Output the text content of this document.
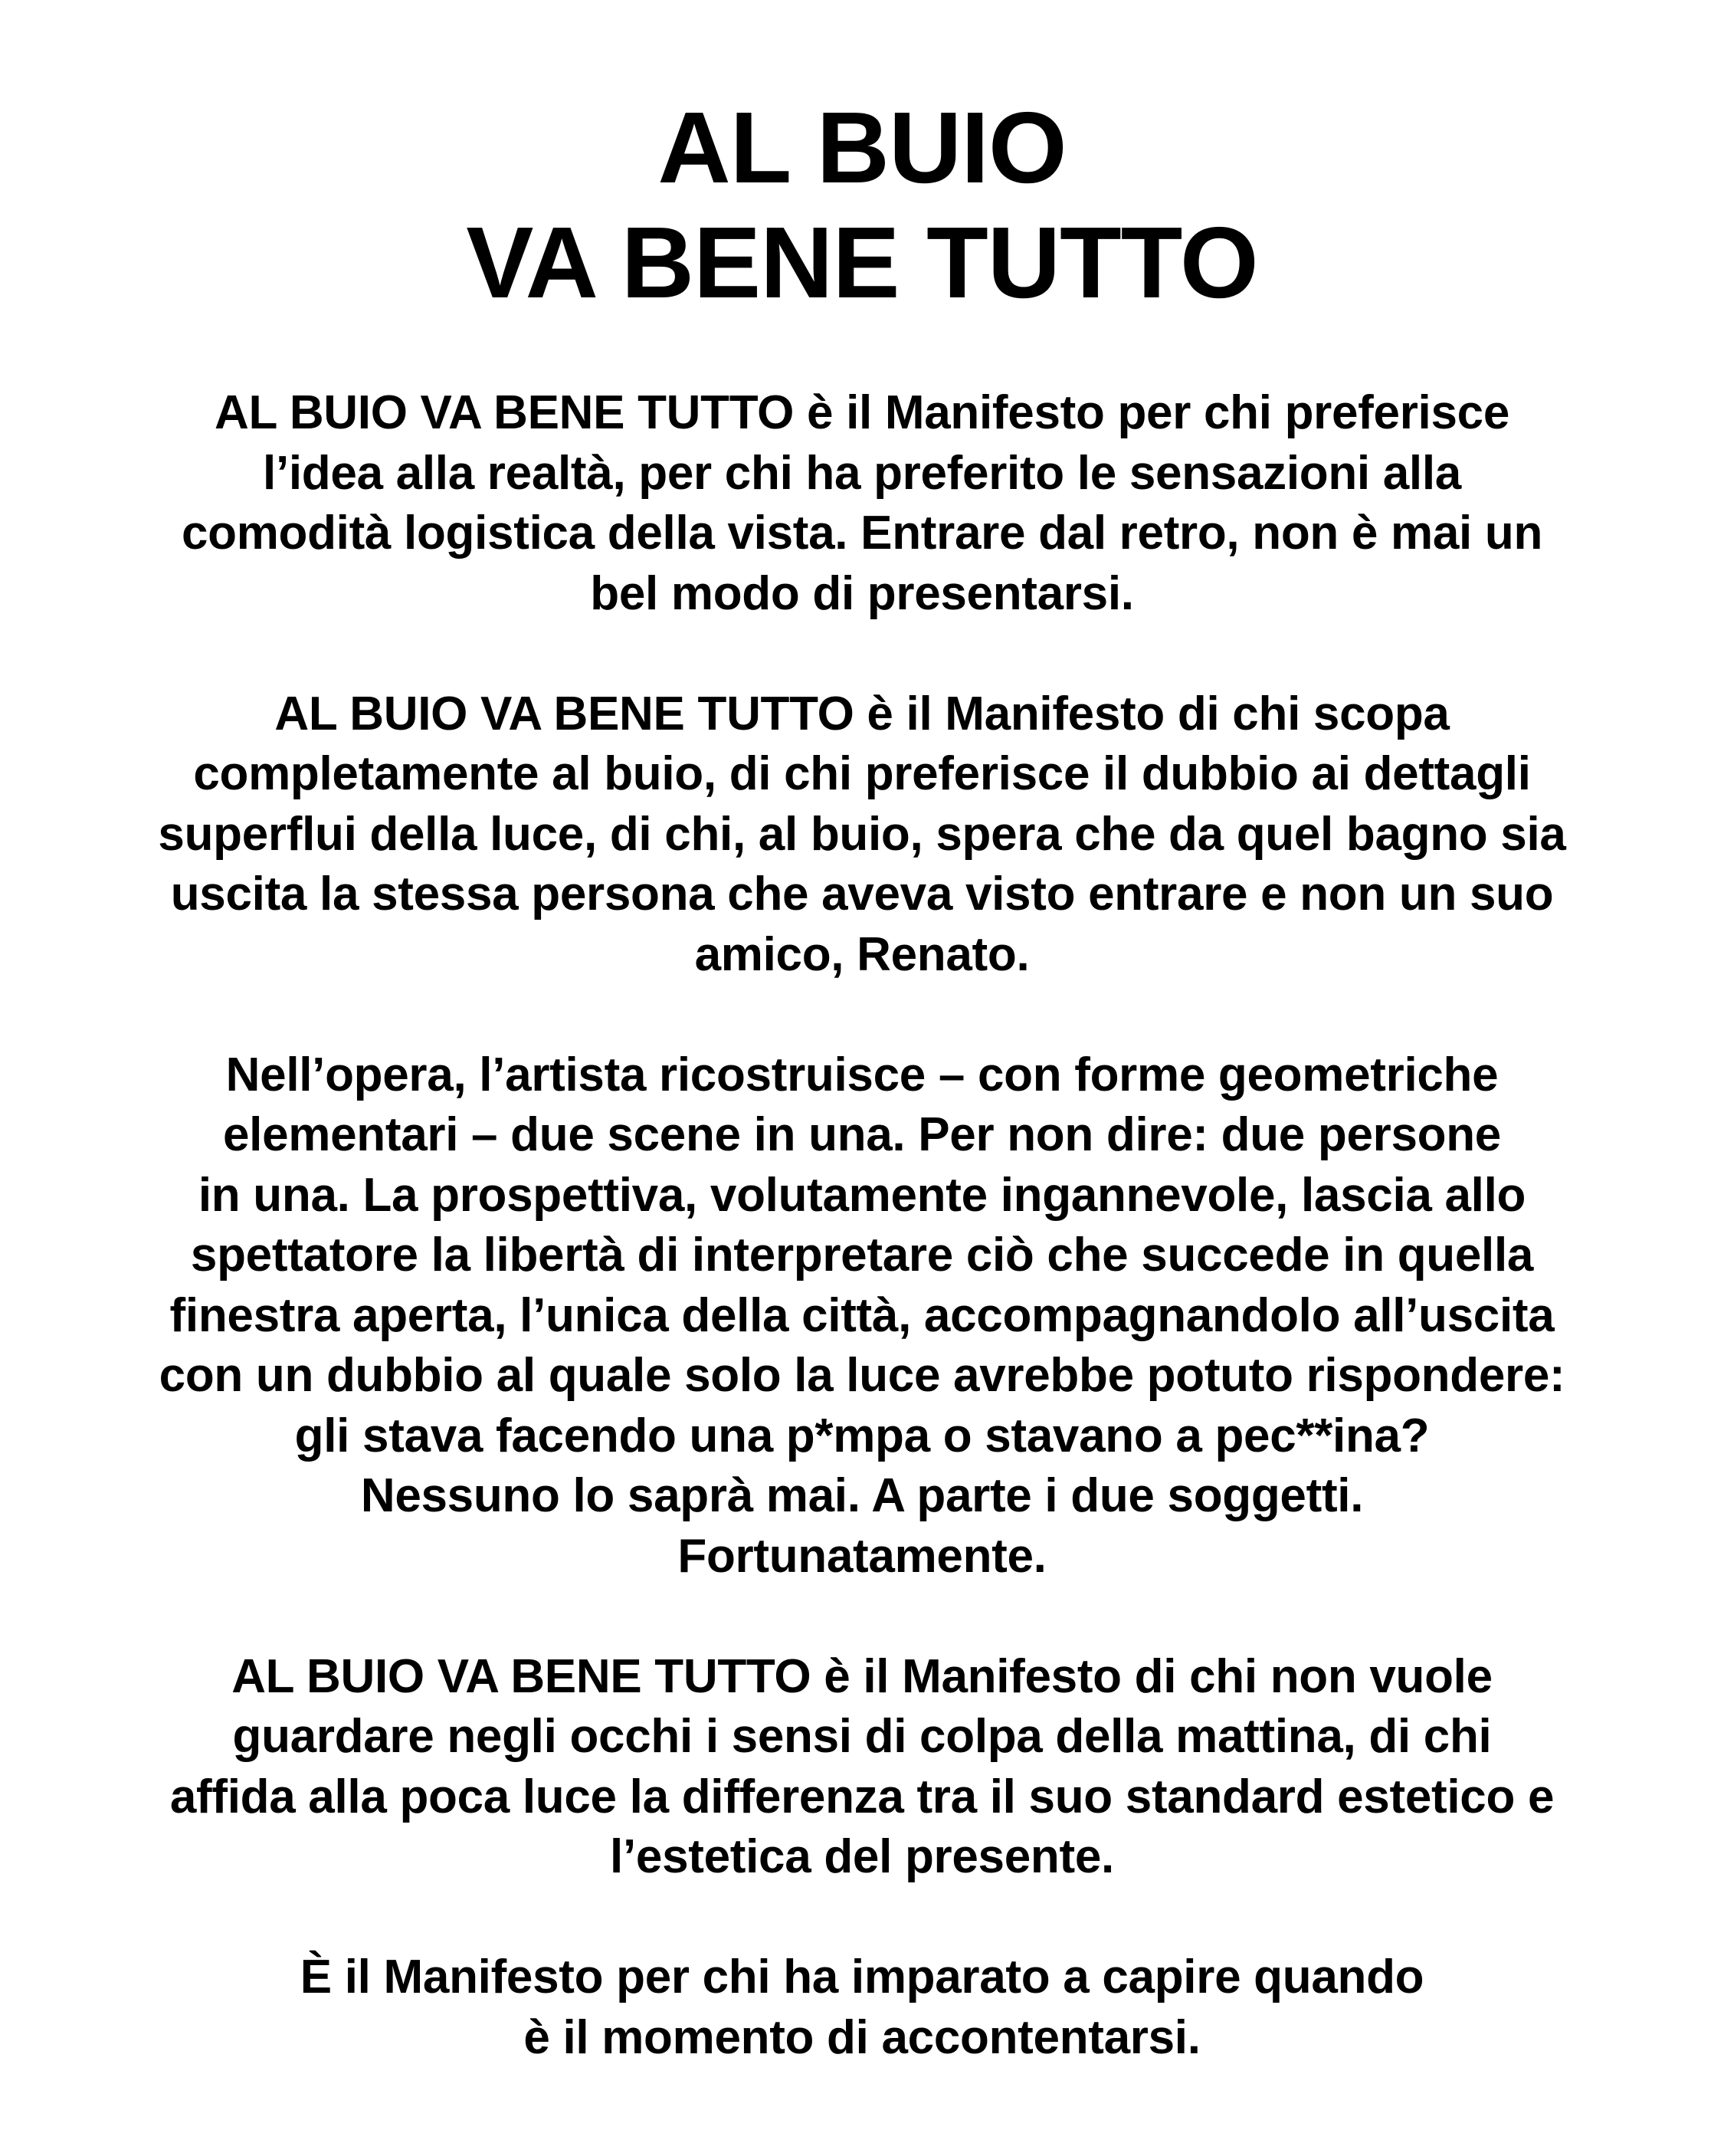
AL BUIO
VA BENE TUTTO

AL BUIO VA BENE TUTTO è il Manifesto per chi preferisce
l’idea alla realtà, per chi ha preferito le sensazioni alla
comodità logistica della vista. Entrare dal retro, non è mai un
bel modo di presentarsi.

AL BUIO VA BENE TUTTO è il Manifesto di chi scopa
completamente al buio, di chi preferisce il dubbio ai dettagli
superflui della luce, di chi, al buio, spera che da quel bagno sia
uscita la stessa persona che aveva visto entrare e non un suo
amico, Renato.

Nell’opera, l’artista ricostruisce – con forme geometriche
elementari – due scene in una. Per non dire: due persone
in una. La prospettiva, volutamente ingannevole, lascia allo
spettatore la libertà di interpretare ciò che succede in quella
finestra aperta, l’unica della città, accompagnandolo all’uscita
con un dubbio al quale solo la luce avrebbe potuto rispondere:
gli stava facendo una p*mpa o stavano a pec**ina?
Nessuno lo saprà mai. A parte i due soggetti.
Fortunatamente.

AL BUIO VA BENE TUTTO è il Manifesto di chi non vuole
guardare negli occhi i sensi di colpa della mattina, di chi
affida alla poca luce la differenza tra il suo standard estetico e
l’estetica del presente.

È il Manifesto per chi ha imparato a capire quando
è il momento di accontentarsi.
